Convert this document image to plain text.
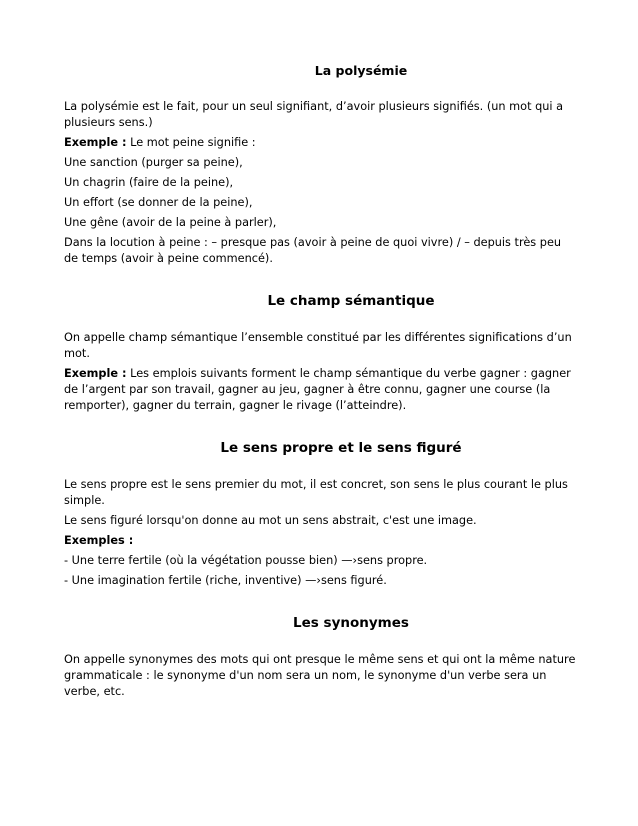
La polysémie

La polysémie est le fait, pour un seul signifiant, d’avoir plusieurs signifiés. (un mot qui a plusieurs sens.)

Exemple : Le mot peine signifie :

Une sanction (purger sa peine),

Un chagrin (faire de la peine),

Un effort (se donner de la peine),

Une gêne (avoir de la peine à parler),

Dans la locution à peine : – presque pas (avoir à peine de quoi vivre) / – depuis très peu de temps (avoir à peine commencé).

Le champ sémantique

On appelle champ sémantique l’ensemble constitué par les différentes significations d’un mot.

Exemple : Les emplois suivants forment le champ sémantique du verbe gagner : gagner de l’argent par son travail, gagner au jeu, gagner à être connu, gagner une course (la remporter), gagner du terrain, gagner le rivage (l’atteindre).

Le sens propre et le sens figuré

Le sens propre est le sens premier du mot, il est concret, son sens le plus courant le plus simple.

Le sens figuré lorsqu'on donne au mot un sens abstrait, c'est une image.

Exemples :

- Une terre fertile (où la végétation pousse bien) —›sens propre.

- Une imagination fertile (riche, inventive) —›sens figuré.

Les synonymes

On appelle synonymes des mots qui ont presque le même sens et qui ont la même nature grammaticale : le synonyme d'un nom sera un nom, le synonyme d'un verbe sera un verbe, etc.
